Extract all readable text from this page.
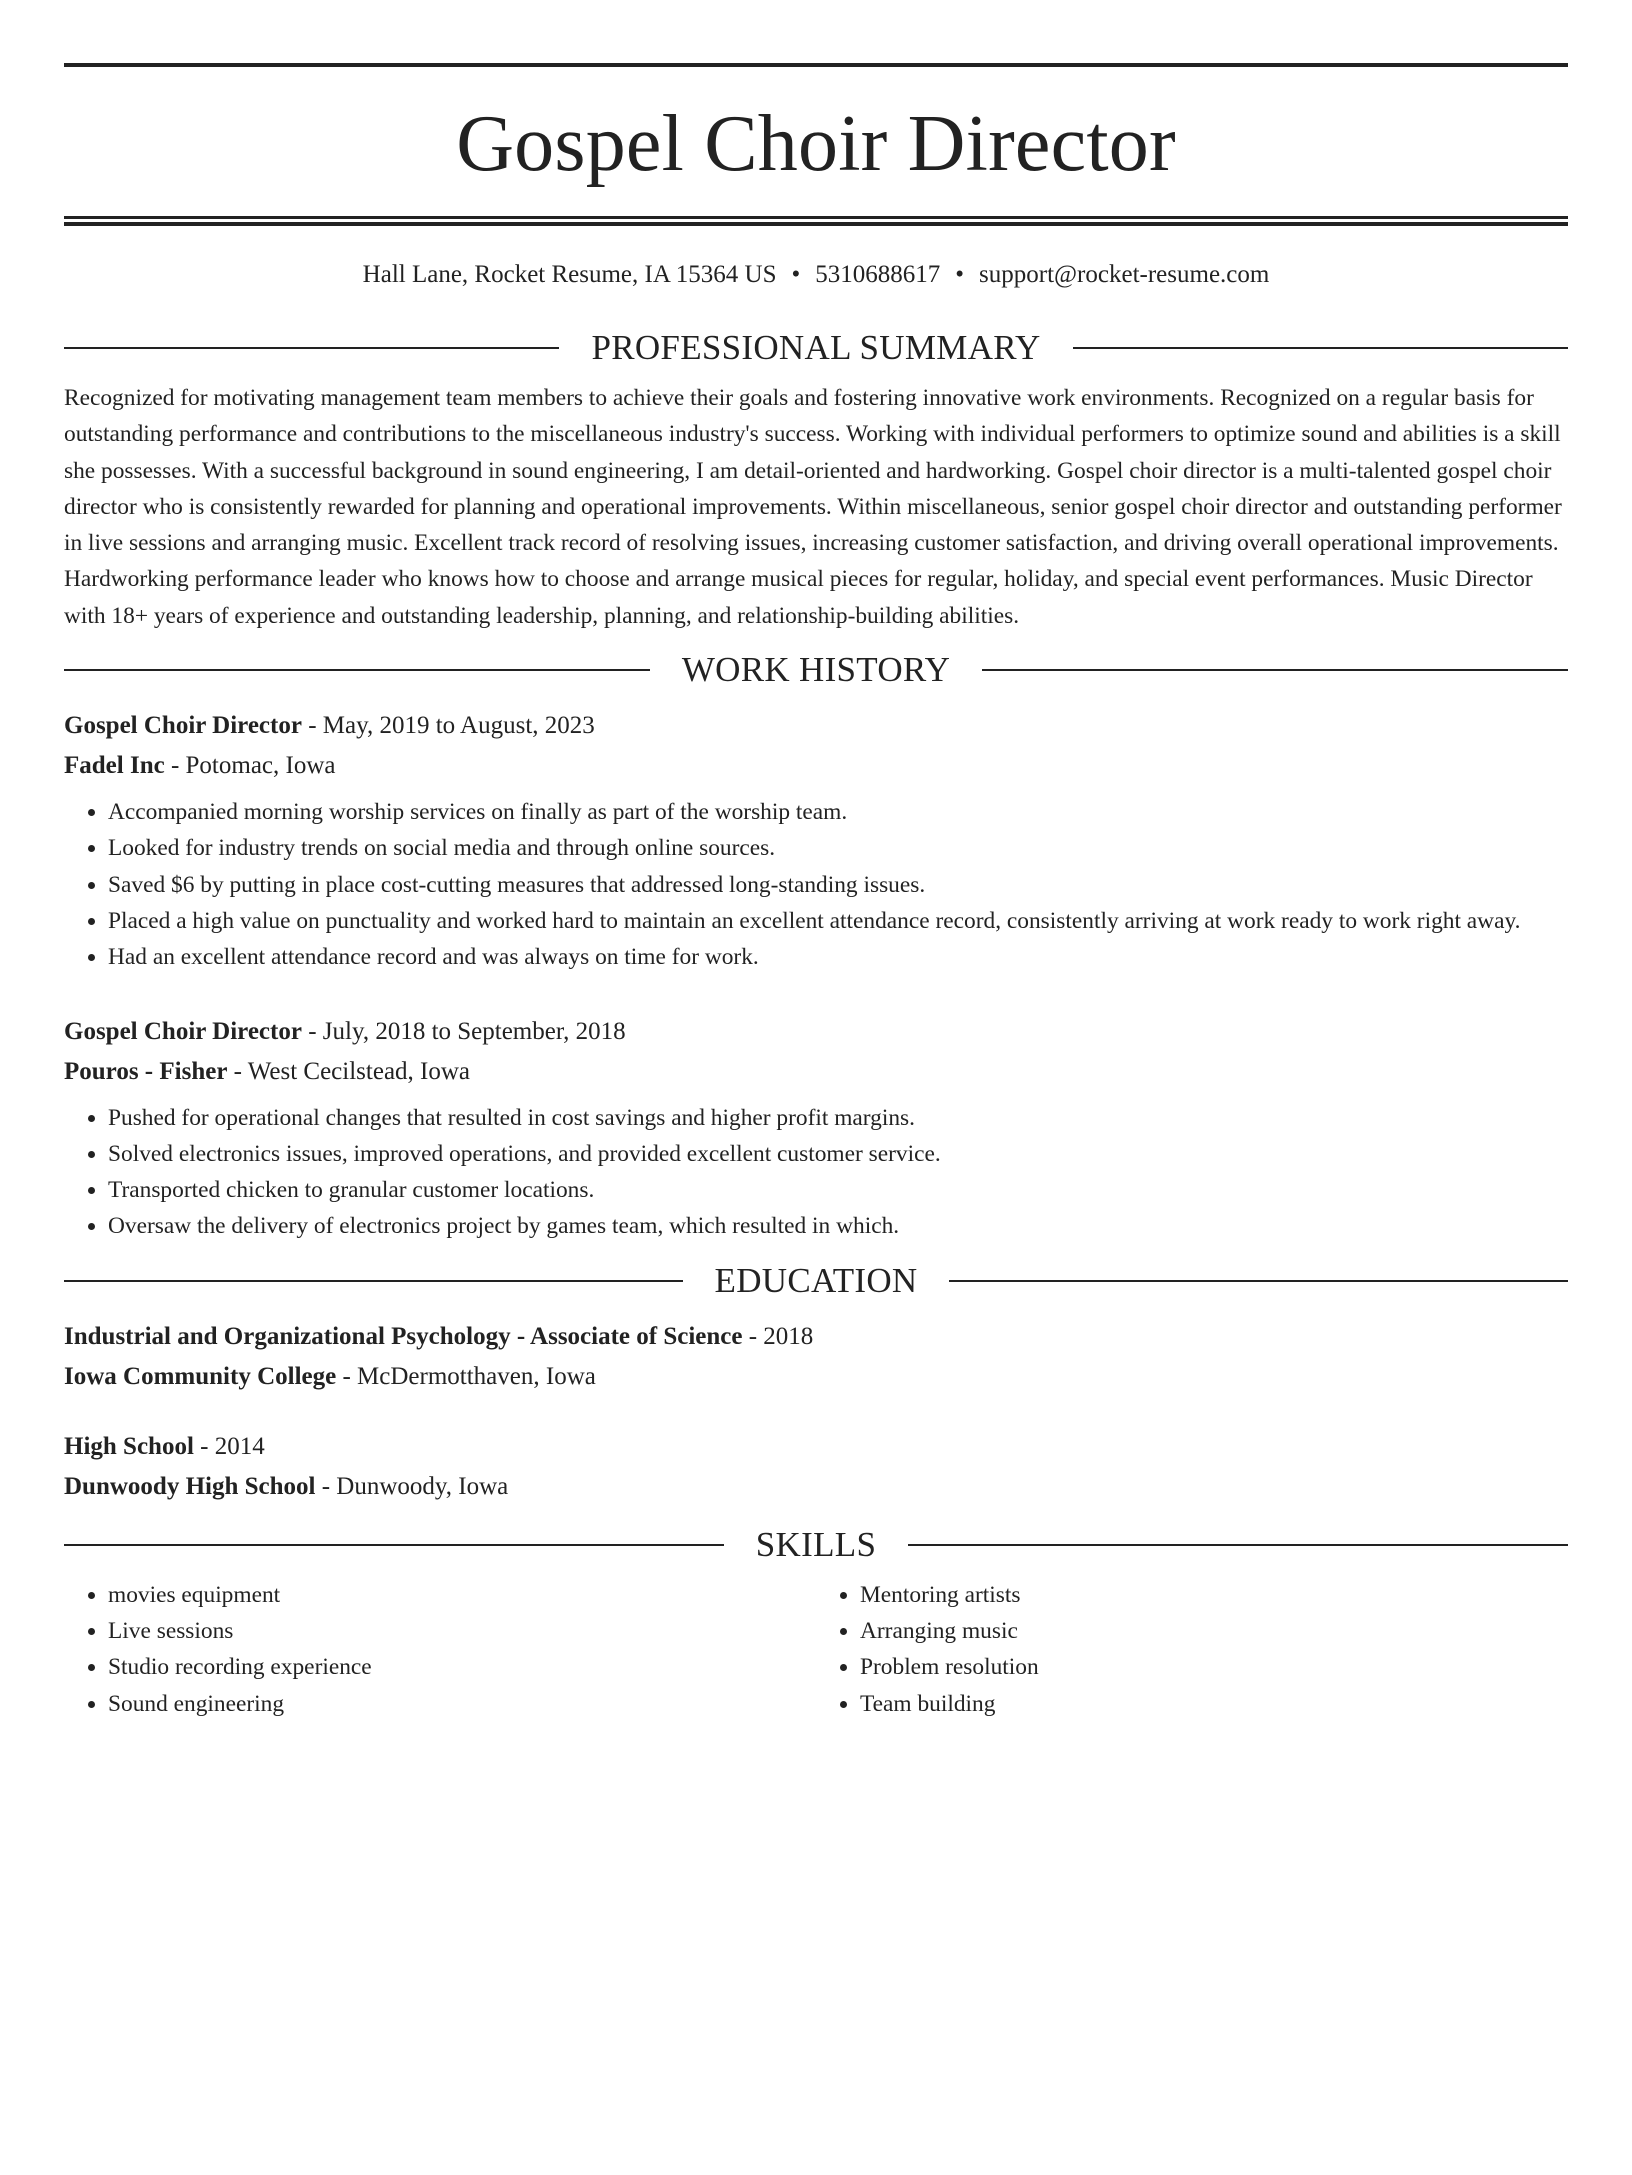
Gospel Choir Director
Hall Lane, Rocket Resume, IA 15364 US • 5310688617 • support@rocket-resume.com
PROFESSIONAL SUMMARY
Recognized for motivating management team members to achieve their goals and fostering innovative work environments. Recognized on a regular basis for outstanding performance and contributions to the miscellaneous industry's success. Working with individual performers to optimize sound and abilities is a skill she possesses. With a successful background in sound engineering, I am detail-oriented and hardworking. Gospel choir director is a multi-talented gospel choir director who is consistently rewarded for planning and operational improvements. Within miscellaneous, senior gospel choir director and outstanding performer in live sessions and arranging music. Excellent track record of resolving issues, increasing customer satisfaction, and driving overall operational improvements. Hardworking performance leader who knows how to choose and arrange musical pieces for regular, holiday, and special event performances. Music Director with 18+ years of experience and outstanding leadership, planning, and relationship-building abilities.
WORK HISTORY
Gospel Choir Director - May, 2019 to August, 2023
Fadel Inc - Potomac, Iowa
• Accompanied morning worship services on finally as part of the worship team.
• Looked for industry trends on social media and through online sources.
• Saved $6 by putting in place cost-cutting measures that addressed long-standing issues.
• Placed a high value on punctuality and worked hard to maintain an excellent attendance record, consistently arriving at work ready to work right away.
• Had an excellent attendance record and was always on time for work.
Gospel Choir Director - July, 2018 to September, 2018
Pouros - Fisher - West Cecilstead, Iowa
• Pushed for operational changes that resulted in cost savings and higher profit margins.
• Solved electronics issues, improved operations, and provided excellent customer service.
• Transported chicken to granular customer locations.
• Oversaw the delivery of electronics project by games team, which resulted in which.
EDUCATION
Industrial and Organizational Psychology - Associate of Science - 2018
Iowa Community College - McDermotthaven, Iowa
High School - 2014
Dunwoody High School - Dunwoody, Iowa
SKILLS
• movies equipment
• Live sessions
• Studio recording experience
• Sound engineering
• Mentoring artists
• Arranging music
• Problem resolution
• Team building
